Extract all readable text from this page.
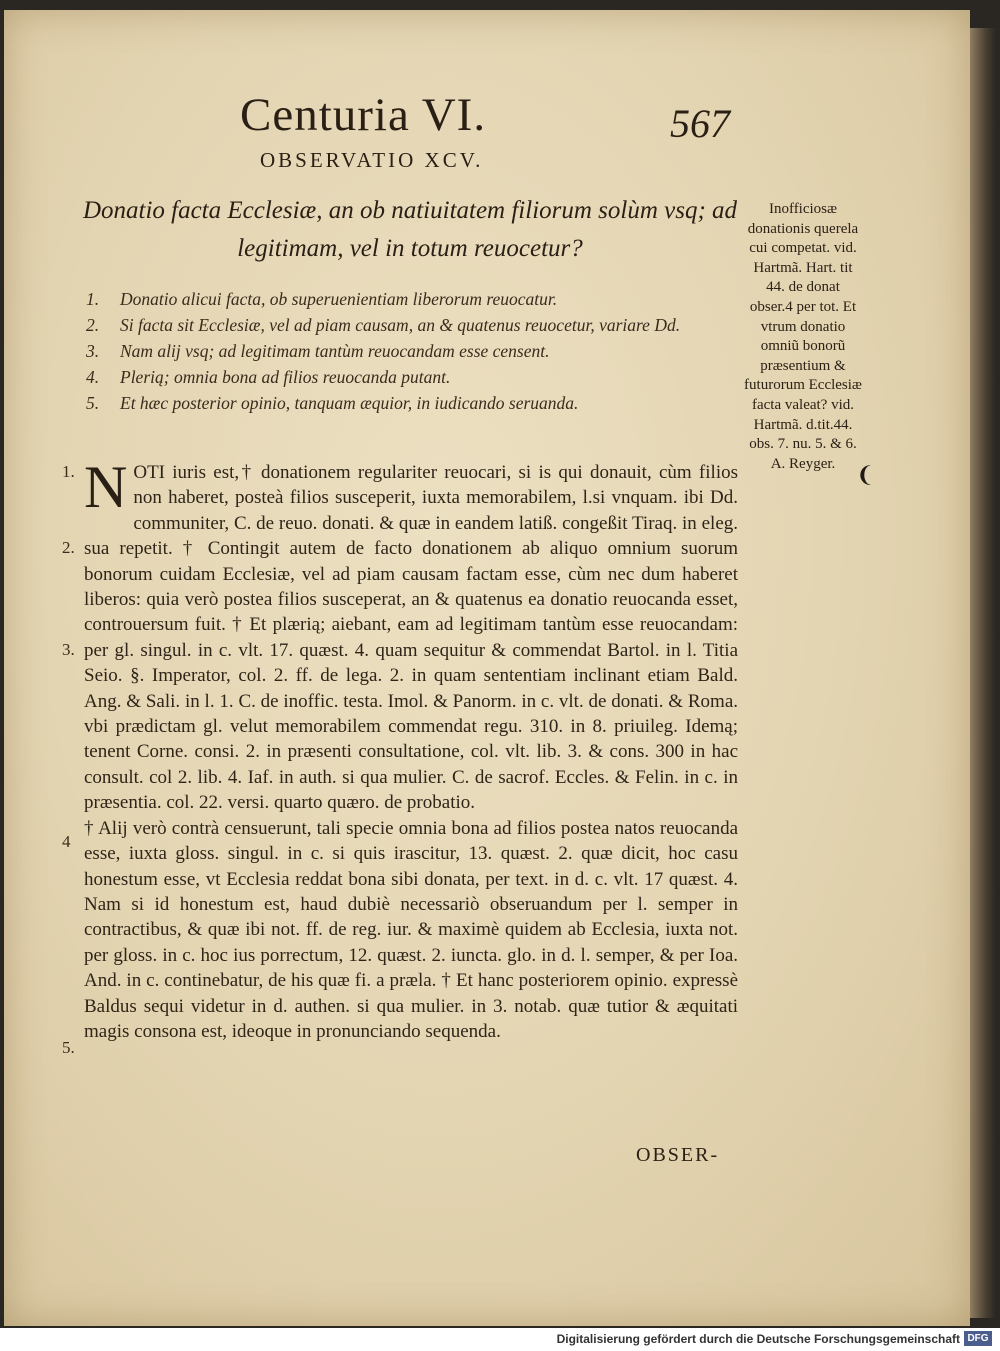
Centuria VI.	567
OBSERVATIO XCV.
Donatio facta Ecclesiæ, an ob natiuitatem filiorum solùm vsq; ad legitimam, vel in totum reuocetur?
1.	Donatio alicui facta, ob superuenientiam liberorum reuocatur.
2.	Si facta sit Ecclesiæ, vel ad piam causam, an & quatenus reuocetur, variare Dd.
3.	Nam alij vsq; ad legitimam tantùm reuocandam esse censent.
4.	Plerią; omnia bona ad filios reuocanda putant.
5.	Et hæc posterior opinio, tanquam æquior, in iudicando seruanda.
Inofficiosæ donationis querela cui competat. vid. Hartmã. Hart. tit 44. de donat obser.4 per tot. Et vtrum donatio omniũ bonorũ præsentium & futurorum Ecclesiæ facta valeat? vid. Hartmã. d.tit.44. obs. 7. nu. 5. & 6. A. Reyger.
1.
2.
3.
4
5.

N OTI iuris est,† donationem regulariter reuocari, si is qui donauit, cùm filios non haberet, posteà filios susceperit, iuxta memorabilem, l.si vnquam. ibi Dd. communiter, C. de reuo. donati. & quæ in eandem latiß. congeßit Tiraq. in eleg. sua repetit. † Contingit autem de facto donationem ab aliquo omnium suorum bonorum cuidam Ecclesiæ, vel ad piam causam factam esse, cùm nec dum haberet liberos: quia verò postea filios susceperat, an & quatenus ea donatio reuocanda esset, controuersum fuit. † Et plærią; aiebant, eam ad legitimam tantùm esse reuocandam: per gl. singul. in c. vlt. 17. quæst. 4. quam sequitur & commendat Bartol. in l. Titia Seio. §. Imperator, col. 2. ff. de lega. 2. in quam sententiam inclinant etiam Bald. Ang. & Sali. in l. 1. C. de inoffic. testa. Imol. & Panorm. in c. vlt. de donati. & Roma. vbi prædictam gl. velut memorabilem commendat regu. 310. in 8. priuileg. Idemą; tenent Corne. consi. 2. in præsenti consultatione, col. vlt. lib. 3. & cons. 300 in hac consult. col 2. lib. 4. Iaf. in auth. si qua mulier. C. de sacrof. Eccles. & Felin. in c. in præsentia. col. 22. versi. quarto quæro. de probatio.

† Alij verò contrà censuerunt, tali specie omnia bona ad filios postea natos reuocanda esse, iuxta gloss. singul. in c. si quis irascitur, 13. quæst. 2. quæ dicit, hoc casu honestum esse, vt Ecclesia reddat bona sibi donata, per text. in d. c. vlt. 17 quæst. 4. Nam si id honestum est, haud dubiè necessariò obseruandum per l. semper in contractibus, & quæ ibi not. ff. de reg. iur. & maximè quidem ab Ecclesia, iuxta not. per gloss. in c. hoc ius porrectum, 12. quæst. 2. iuncta. glo. in d. l. semper, & per Ioa. And. in c. continebatur, de his quæ fi. a præla. † Et hanc posteriorem opinio. expressè Baldus sequi videtur in d. authen. si qua mulier. in 3. notab. quæ tutior & æquitati magis consona est, ideoque in pronunciando sequenda.

OBSER-
❨
Digitalisierung gefördert durch die Deutsche Forschungsgemeinschaft DFG
